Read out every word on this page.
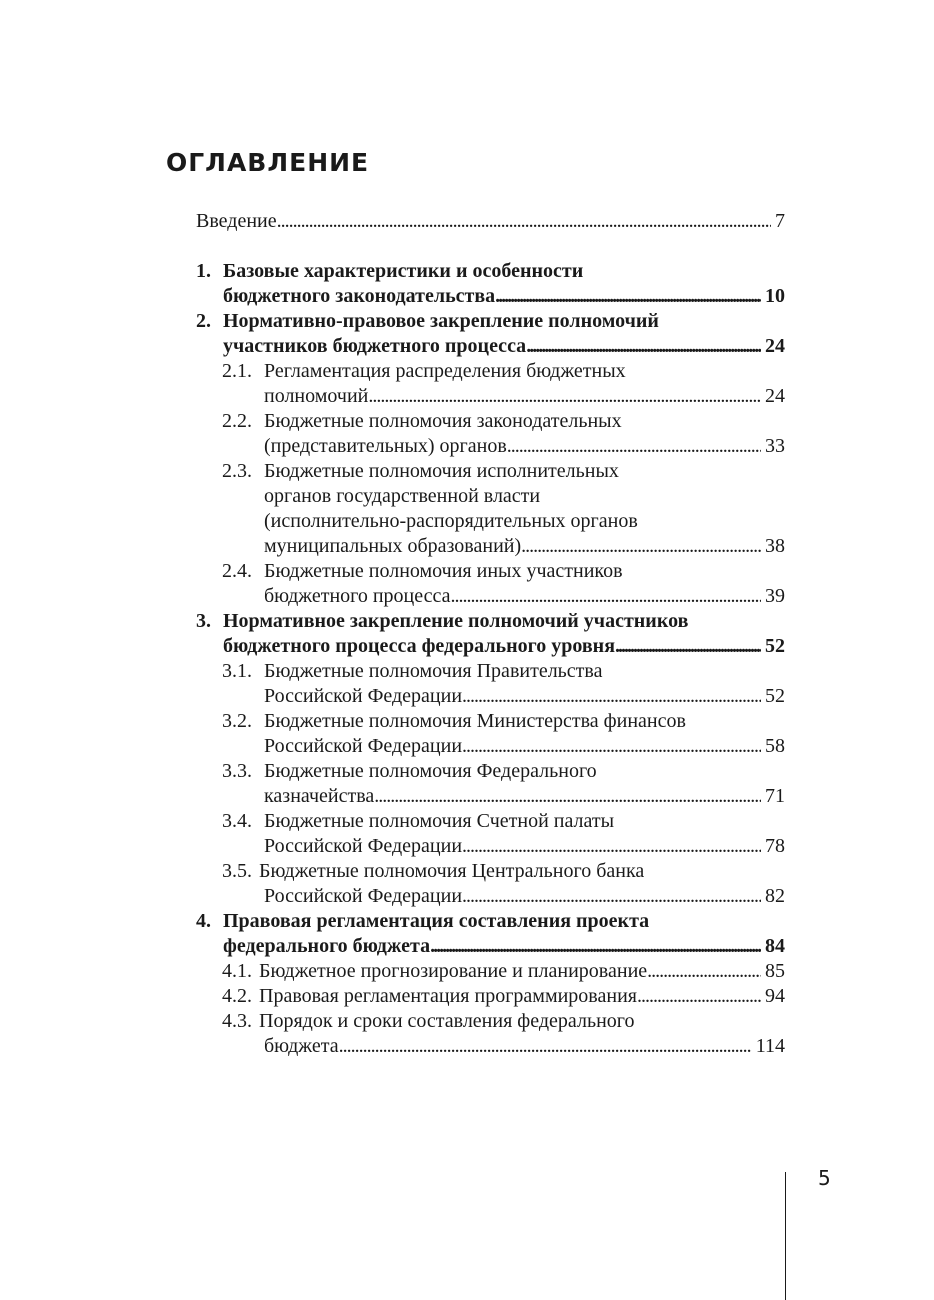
ОГЛАВЛЕНИЕ
Введение . . .	7
1. Базовые характеристики и особенности
бюджетного законодательства . . .	10
2. Нормативно-правовое закрепление полномочий
участников бюджетного процесса . . .	24
2.1. Регламентация распределения бюджетных
полномочий . . .	24
2.2. Бюджетные полномочия законодательных
(представительных) органов . . .	33
2.3. Бюджетные полномочия исполнительных
органов государственной власти
(исполнительно-распорядительных органов
муниципальных образований) . . .	38
2.4. Бюджетные полномочия иных участников
бюджетного процесса . . .	39
3. Нормативное закрепление полномочий участников
бюджетного процесса федерального уровня . . .	52
3.1. Бюджетные полномочия Правительства
Российской Федерации . . .	52
3.2. Бюджетные полномочия Министерства финансов
Российской Федерации . . .	58
3.3. Бюджетные полномочия Федерального
казначейства . . .	71
3.4. Бюджетные полномочия Счетной палаты
Российской Федерации . . .	78
3.5. Бюджетные полномочия Центрального банка
Российской Федерации . . .	82
4. Правовая регламентация составления проекта
федерального бюджета . . .	84
4.1. Бюджетное прогнозирование и планирование . . .	85
4.2. Правовая регламентация программирования . . .	94
4.3. Порядок и сроки составления федерального
бюджета . . .	114
5
